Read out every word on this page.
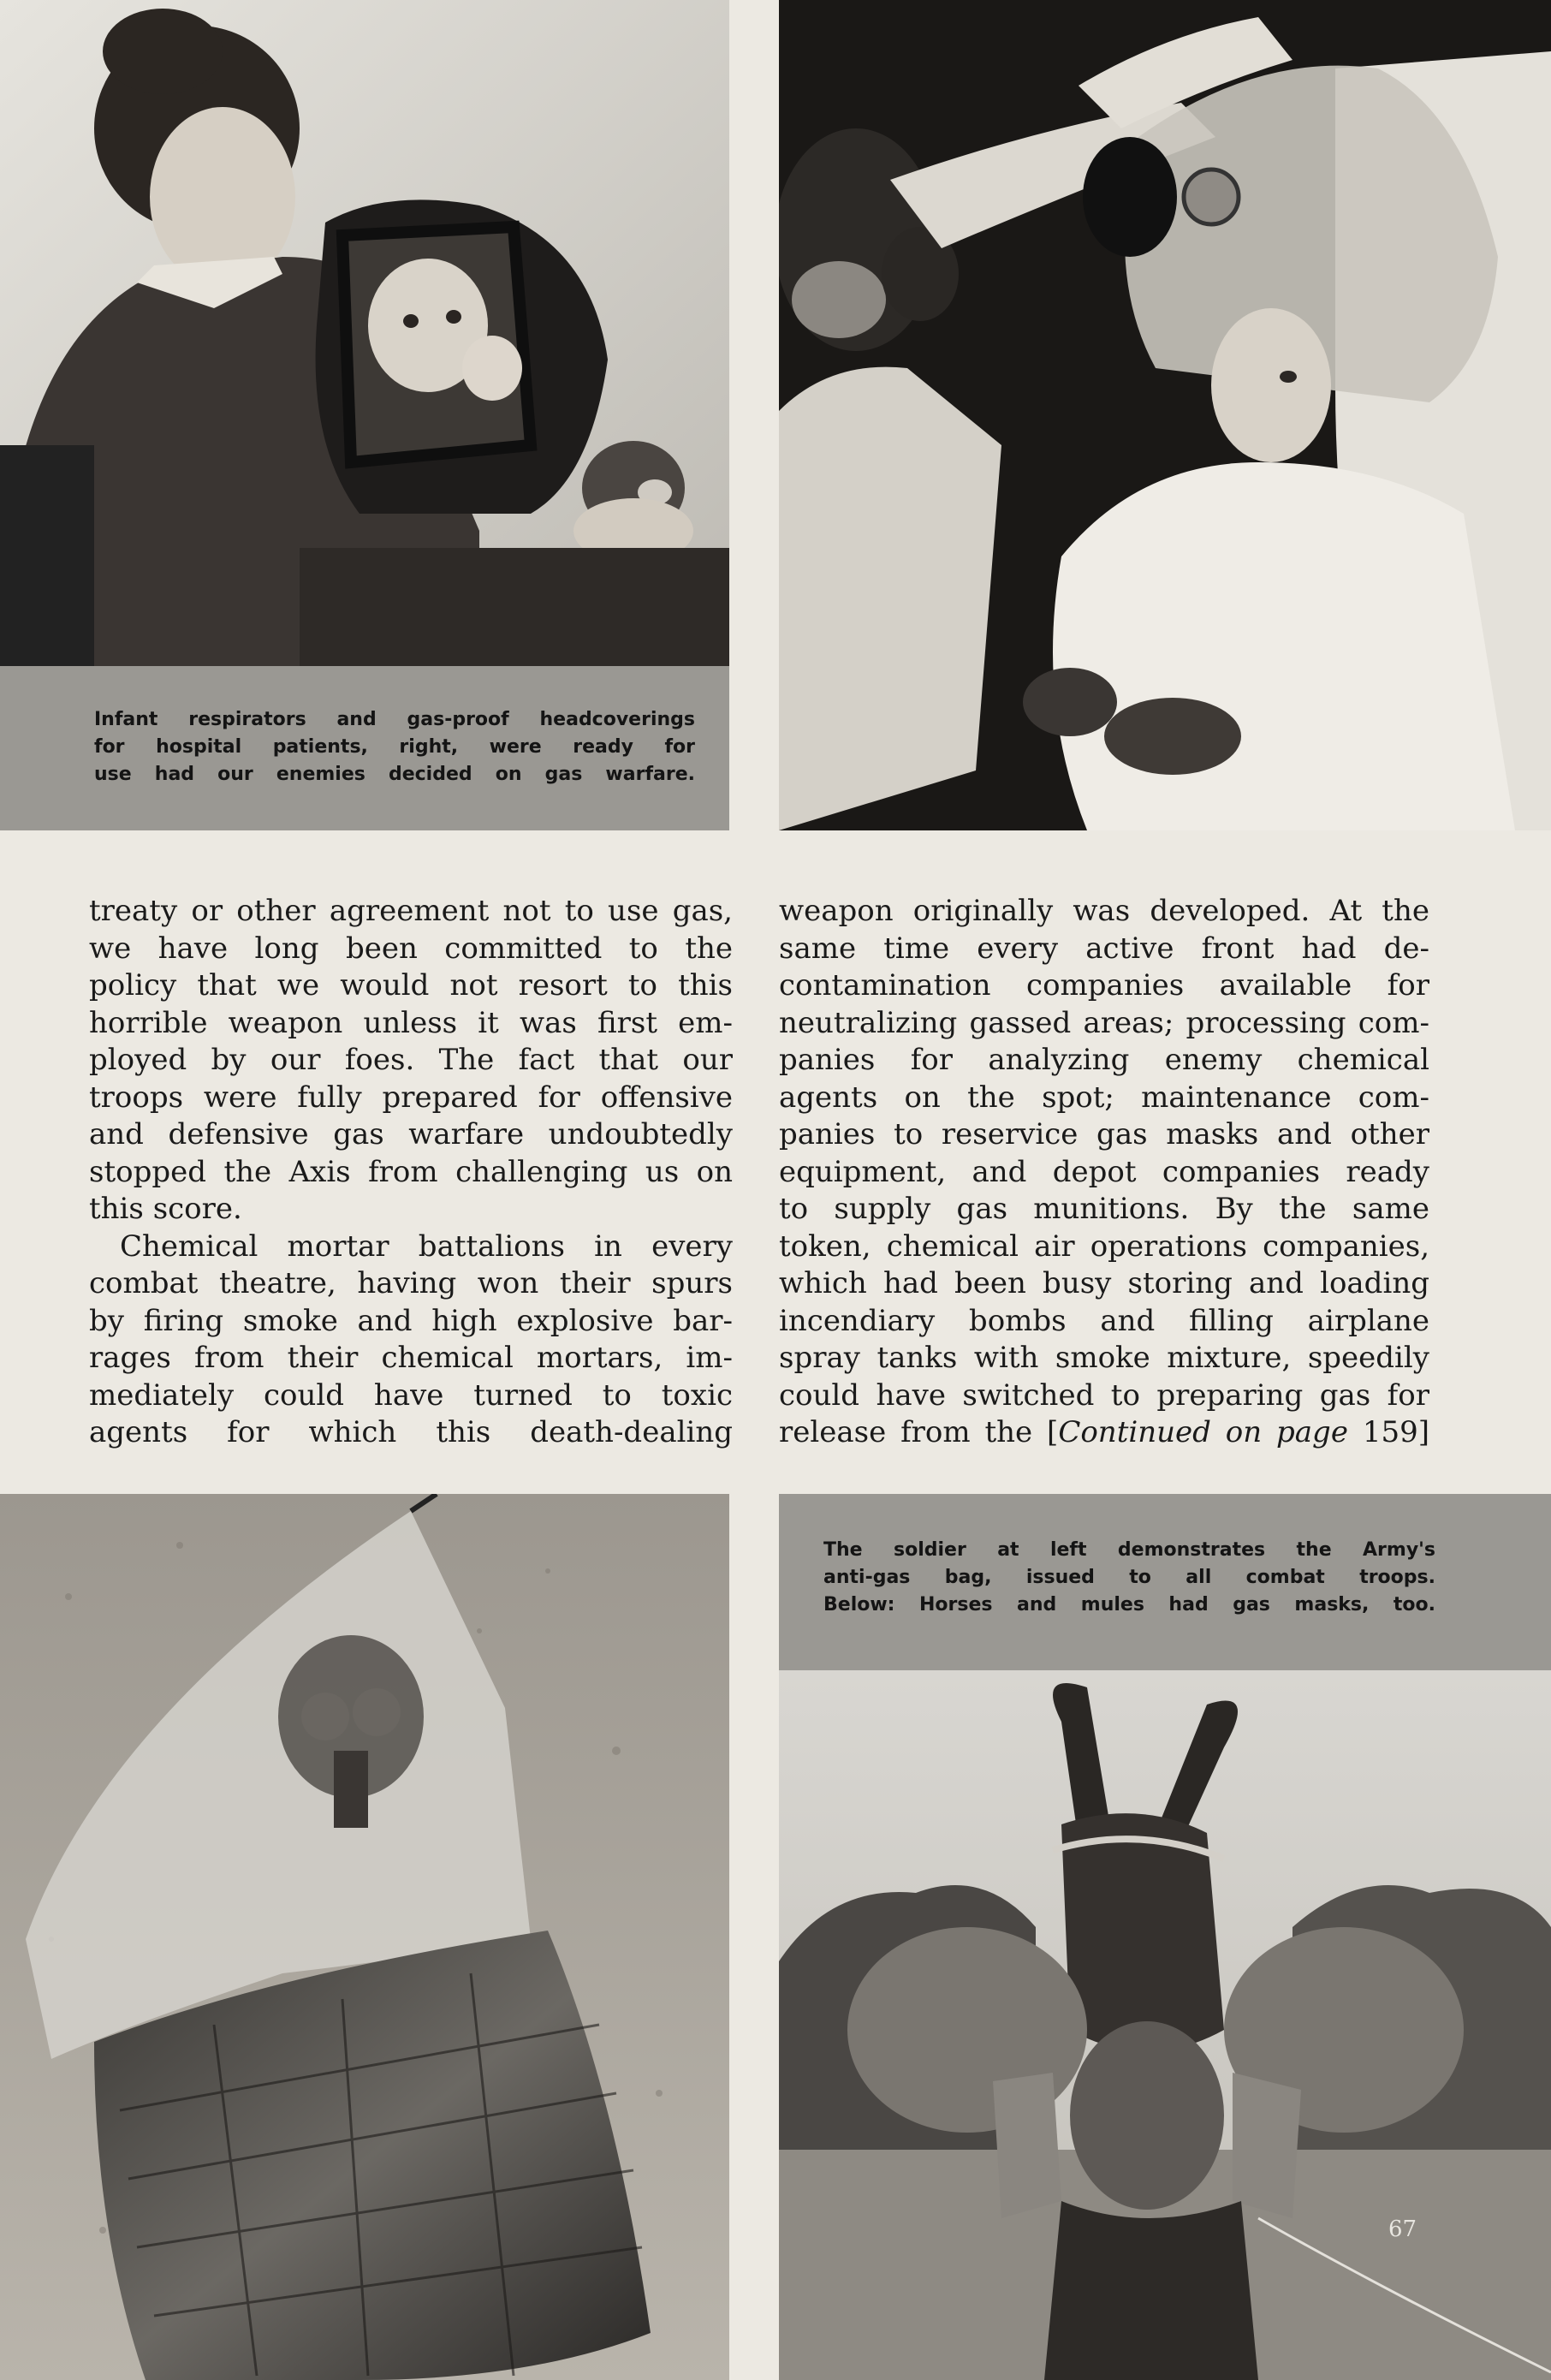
Infant respirators and gas-proof headcoverings
for hospital patients, right, were ready for
use had our enemies decided on gas warfare.
treaty or other agreement not to use gas,
we have long been committed to the
policy that we would not resort to this
horrible weapon unless it was first em-
ployed by our foes. The fact that our
troops were fully prepared for offensive
and defensive gas warfare undoubtedly
stopped the Axis from challenging us on
this score.
Chemical mortar battalions in every
combat theatre, having won their spurs
by firing smoke and high explosive bar-
rages from their chemical mortars, im-
mediately could have turned to toxic
agents for which this death-dealing
weapon originally was developed. At the
same time every active front had de-
contamination companies available for
neutralizing gassed areas; processing com-
panies for analyzing enemy chemical
agents on the spot; maintenance com-
panies to reservice gas masks and other
equipment, and depot companies ready
to supply gas munitions. By the same
token, chemical air operations companies,
which had been busy storing and loading
incendiary bombs and filling airplane
spray tanks with smoke mixture, speedily
could have switched to preparing gas for
release from the [Continued on page 159]
The soldier at left demonstrates the Army's
anti-gas bag, issued to all combat troops.
Below: Horses and mules had gas masks, too.
67
